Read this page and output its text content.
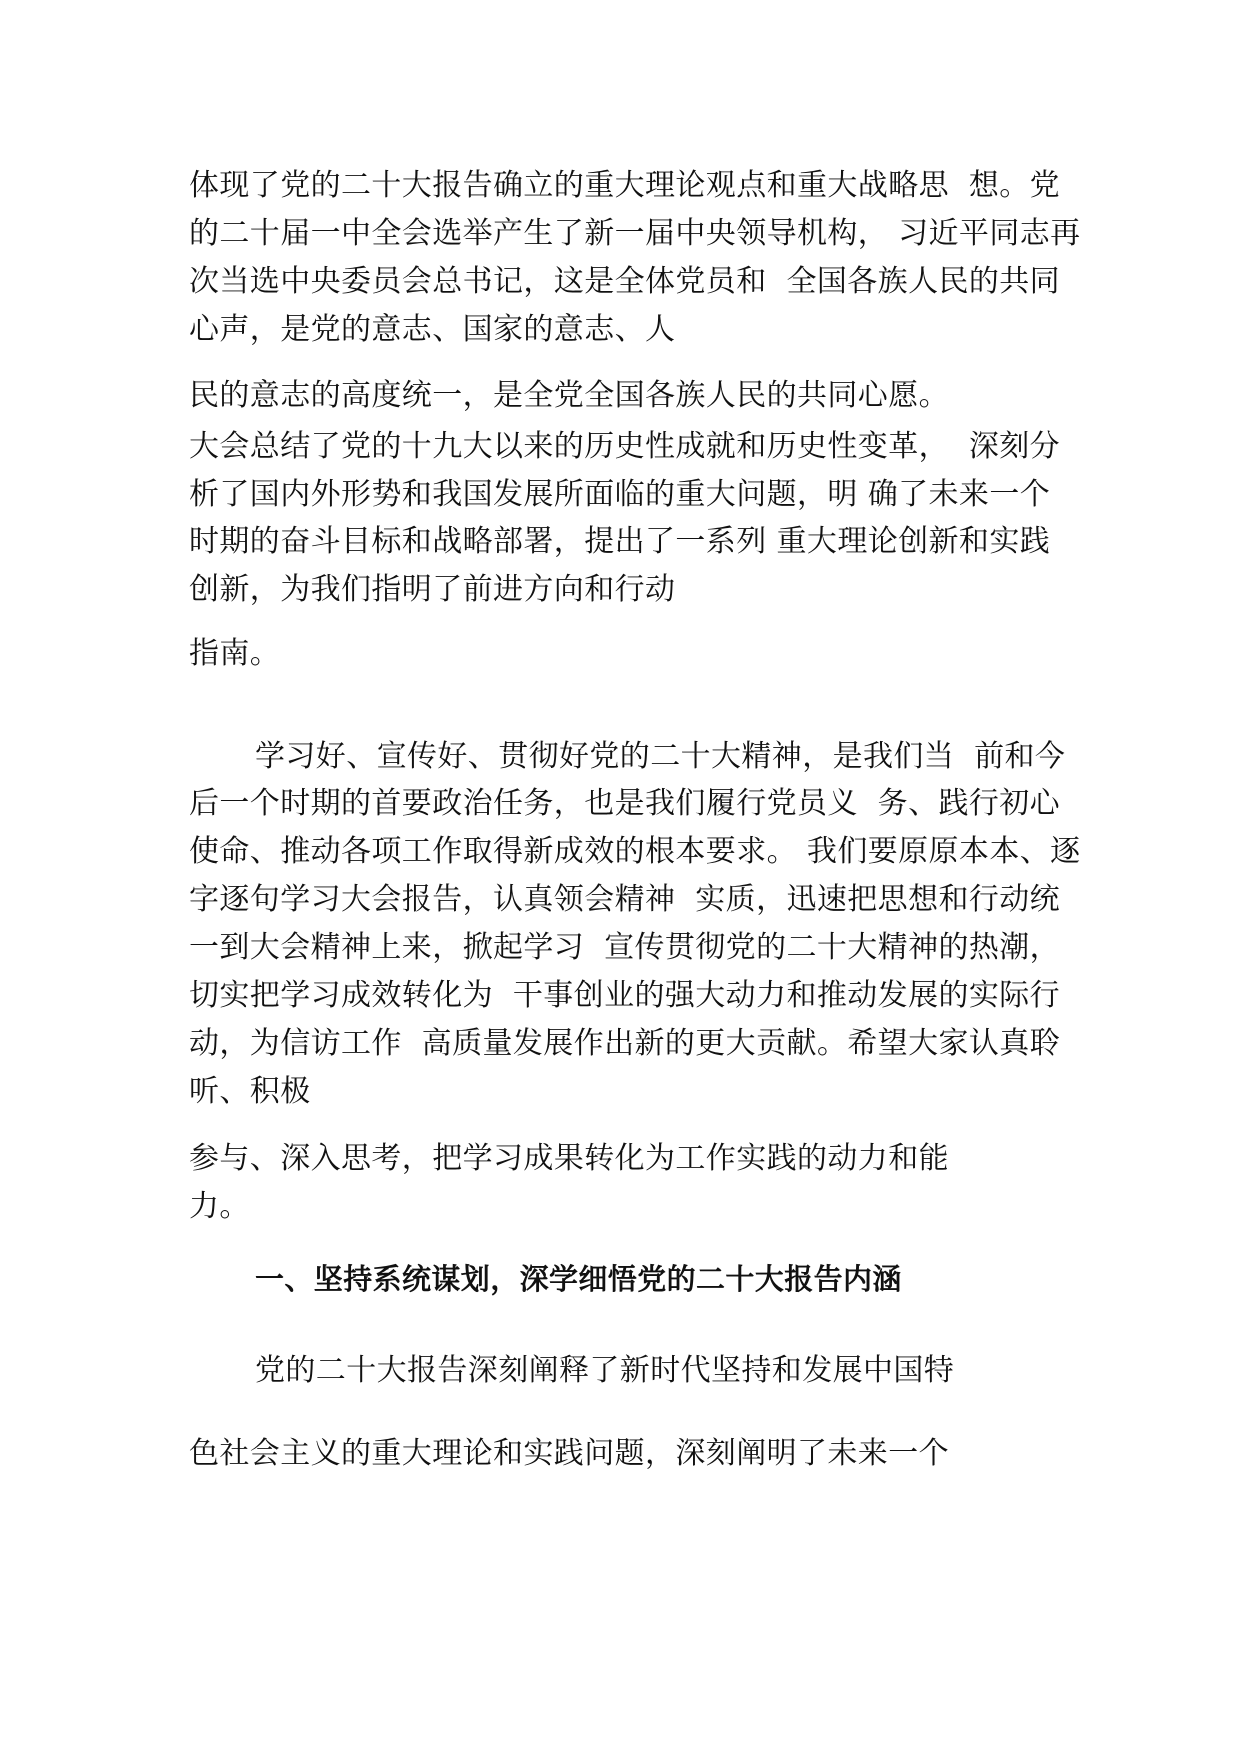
体现了党的二十大报告确立的重大理论观点和重大战略思  想。党
的二十届一中全会选举产生了新一届中央领导机构， 习近平同志再
次当选中央委员会总书记，这是全体党员和  全国各族人民的共同
心声，是党的意志、国家的意志、人
民的意志的高度统一，是全党全国各族人民的共同心愿。
大会总结了党的十九大以来的历史性成就和历史性变革，  深刻分
析了国内外形势和我国发展所面临的重大问题，明 确了未来一个
时期的奋斗目标和战略部署，提出了一系列 重大理论创新和实践
创新，为我们指明了前进方向和行动
指南。
学习好、宣传好、贯彻好党的二十大精神，是我们当  前和今
后一个时期的首要政治任务，也是我们履行党员义  务、践行初心
使命、推动各项工作取得新成效的根本要求。 我们要原原本本、逐
字逐句学习大会报告，认真领会精神  实质，迅速把思想和行动统
一到大会精神上来，掀起学习  宣传贯彻党的二十大精神的热潮，
切实把学习成效转化为  干事创业的强大动力和推动发展的实际行
动，为信访工作  高质量发展作出新的更大贡献。希望大家认真聆
听、积极
参与、深入思考，把学习成果转化为工作实践的动力和能
力。
一、坚持系统谋划，深学细悟党的二十大报告内涵
党的二十大报告深刻阐释了新时代坚持和发展中国特
色社会主义的重大理论和实践问题，深刻阐明了未来一个
